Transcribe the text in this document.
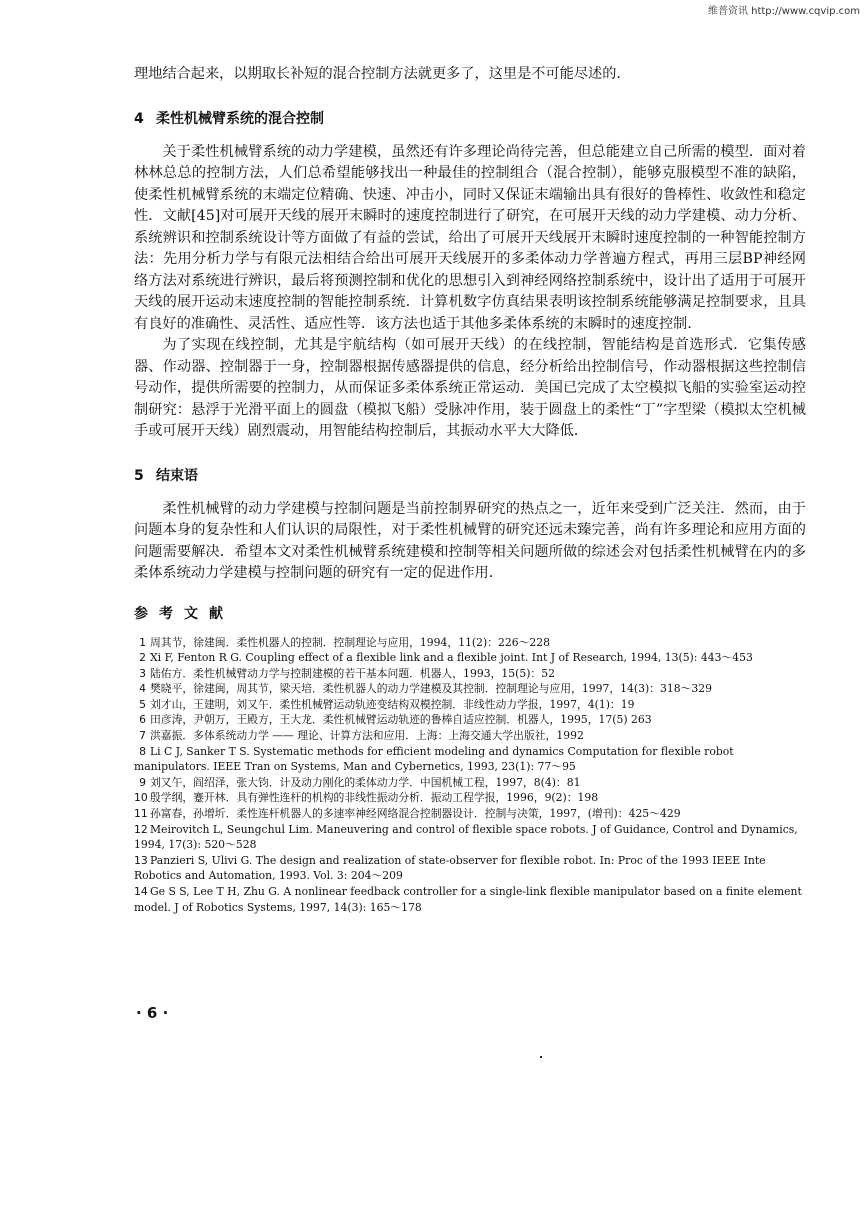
维普资讯 http://www.cqvip.com

理地结合起来，以期取长补短的混合控制方法就更多了，这里是不可能尽述的.

4 柔性机械臂系统的混合控制

关于柔性机械臂系统的动力学建模，虽然还有许多理论尚待完善，但总能建立自己所需的模型．面对着林林总总的控制方法，人们总希望能够找出一种最佳的控制组合（混合控制），能够克服模型不准的缺陷，使柔性机械臂系统的末端定位精确、快速、冲击小，同时又保证末端输出具有很好的鲁棒性、收敛性和稳定性．文献[45]对可展开天线的展开末瞬时的速度控制进行了研究，在可展开天线的动力学建模、动力分析、系统辨识和控制系统设计等方面做了有益的尝试，给出了可展开天线展开末瞬时速度控制的一种智能控制方法：先用分析力学与有限元法相结合给出可展开天线展开的多柔体动力学普遍方程式，再用三层BP神经网络方法对系统进行辨识，最后将预测控制和优化的思想引入到神经网络控制系统中，设计出了适用于可展开天线的展开运动末速度控制的智能控制系统．计算机数字仿真结果表明该控制系统能够满足控制要求，且具有良好的准确性、灵活性、适应性等．该方法也适于其他多柔体系统的末瞬时的速度控制．

为了实现在线控制，尤其是宇航结构（如可展开天线）的在线控制，智能结构是首选形式．它集传感器、作动器、控制器于一身，控制器根据传感器提供的信息，经分析给出控制信号，作动器根据这些控制信号动作，提供所需要的控制力，从而保证多柔体系统正常运动．美国已完成了太空模拟飞船的实验室运动控制研究：悬浮于光滑平面上的圆盘（模拟飞船）受脉冲作用，装于圆盘上的柔性“丁”字型梁（模拟太空机械手或可展开天线）剧烈震动，用智能结构控制后，其振动水平大大降低．

5 结束语

柔性机械臂的动力学建模与控制问题是当前控制界研究的热点之一，近年来受到广泛关注．然而，由于问题本身的复杂性和人们认识的局限性，对于柔性机械臂的研究还远未臻完善，尚有许多理论和应用方面的问题需要解决．希望本文对柔性机械臂系统建模和控制等相关问题所做的综述会对包括柔性机械臂在内的多柔体系统动力学建模与控制问题的研究有一定的促进作用．

参考文献
1 周其节，徐建闽．柔性机器人的控制．控制理论与应用，1994，11(2)：226～228
2 Xi F, Fenton R G. Coupling effect of a flexible link and a flexible joint. Int J of Research, 1994, 13(5): 443～453
3 陆佑方．柔性机械臂动力学与控制建模的若干基本问题．机器人，1993，15(5)：52
4 樊晓平，徐建闽，周其节，梁天培．柔性机器人的动力学建模及其控制．控制理论与应用，1997，14(3)：318～329
5 刘才山，王建明，刘又午．柔性机械臂运动轨迹变结构双模控制．非线性动力学报，1997，4(1)：19
6 田彦涛，尹朝万，王殿方，王大龙．柔性机械臂运动轨迹的鲁棒自适应控制．机器人，1995，17(5) 263
7 洪嘉振．多体系统动力学 —— 理论、计算方法和应用．上海：上海交通大学出版社，1992
8 Li C J, Sanker T S. Systematic methods for efficient modeling and dynamics Computation for flexible robot manipulators. IEEE Tran on Systems, Man and Cybernetics, 1993, 23(1): 77～95
9 刘又午，阎绍泽，张大钧．计及动力刚化的柔体动力学．中国机械工程，1997，8(4)：81
10 殷学纲，蹇开林．具有弹性连杆的机构的非线性振动分析．振动工程学报，1996，9(2)：198
11 孙富春，孙增圻．柔性连杆机器人的多速率神经网络混合控制器设计．控制与决策，1997，(增刊)：425～429
12 Meirovitch L, Seungchul Lim. Maneuvering and control of flexible space robots. J of Guidance, Control and Dynamics, 1994, 17(3): 520～528
13 Panzieri S, Ulivi G. The design and realization of state-observer for flexible robot. In: Proc of the 1993 IEEE Inte Robotics and Automation, 1993. Vol. 3: 204～209
14 Ge S S, Lee T H, Zhu G. A nonlinear feedback controller for a single-link flexible manipulator based on a finite element model. J of Robotics Systems, 1997, 14(3): 165～178
· 6 ·
